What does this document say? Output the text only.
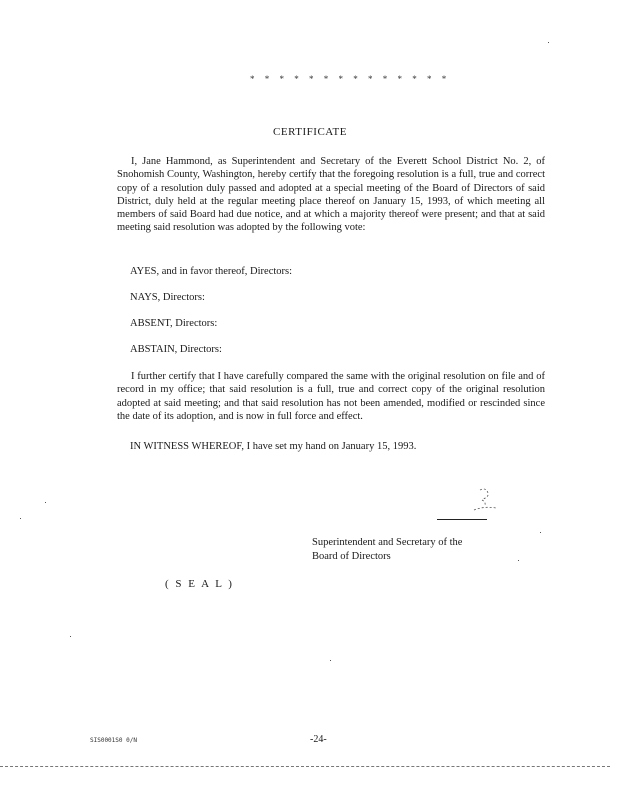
* * * * * * * * * * * * * *
CERTIFICATE
I, Jane Hammond, as Superintendent and Secretary of the Everett School District No. 2, of Snohomish County, Washington, hereby certify that the foregoing resolution is a full, true and correct copy of a resolution duly passed and adopted at a special meeting of the Board of Directors of said District, duly held at the regular meeting place thereof on January 15, 1993, of which meeting all members of said Board had due notice, and at which a majority thereof were present; and that at said meeting said resolution was adopted by the following vote:
AYES, and in favor thereof, Directors:
NAYS, Directors:
ABSENT, Directors:
ABSTAIN, Directors:
I further certify that I have carefully compared the same with the original resolution on file and of record in my office; that said resolution is a full, true and correct copy of the original resolution adopted at said meeting; and that said resolution has not been amended, modified or rescinded since the date of its adoption, and is now in full force and effect.
IN WITNESS WHEREOF, I have set my hand on January 15, 1993.
Superintendent and Secretary of the
Board of Directors
( S E A L )
SIS0001S0 0/N	-24-
